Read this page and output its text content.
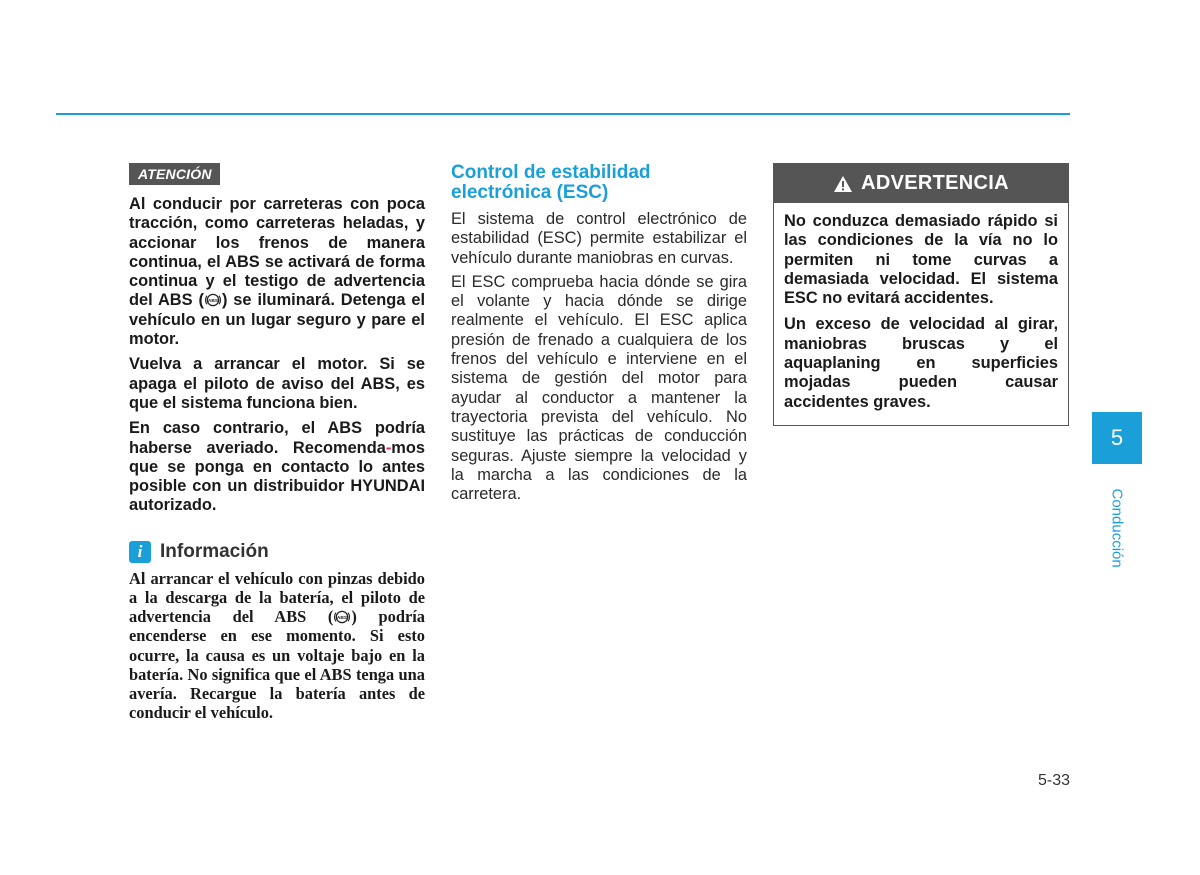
ATENCIÓN

Al conducir por carreteras con poca tracción, como carreteras heladas, y accionar los frenos de manera continua, el ABS se activará de forma continua y el testigo de advertencia del ABS ( ABS ) se iluminará. Detenga el vehículo en un lugar seguro y pare el motor.

Vuelva a arrancar el motor. Si se apaga el piloto de aviso del ABS, es que el sistema funciona bien.

En caso contrario, el ABS podría haberse averiado. Recomenda-mos que se ponga en contacto lo antes posible con un distribuidor HYUNDAI autorizado.

i Información

Al arrancar el vehículo con pinzas debido a la descarga de la batería, el piloto de advertencia del ABS ( ABS ) podría encenderse en ese momento. Si esto ocurre, la causa es un voltaje bajo en la batería. No significa que el ABS tenga una avería. Recargue la batería antes de conducir el vehículo.

Control de estabilidad electrónica (ESC)

El sistema de control electrónico de estabilidad (ESC) permite estabilizar el vehículo durante maniobras en curvas.

El ESC comprueba hacia dónde se gira el volante y hacia dónde se dirige realmente el vehículo. El ESC aplica presión de frenado a cualquiera de los frenos del vehículo e interviene en el sistema de gestión del motor para ayudar al conductor a mantener la trayectoria prevista del vehículo. No sustituye las prácticas de conducción seguras. Ajuste siempre la velocidad y la marcha a las condiciones de la carretera.

ADVERTENCIA

No conduzca demasiado rápido si las condiciones de la vía no lo permiten ni tome curvas a demasiada velocidad. El sistema ESC no evitará accidentes.

Un exceso de velocidad al girar, maniobras bruscas y el aquaplaning en superficies mojadas pueden causar accidentes graves.

5
Conducción
5-33
